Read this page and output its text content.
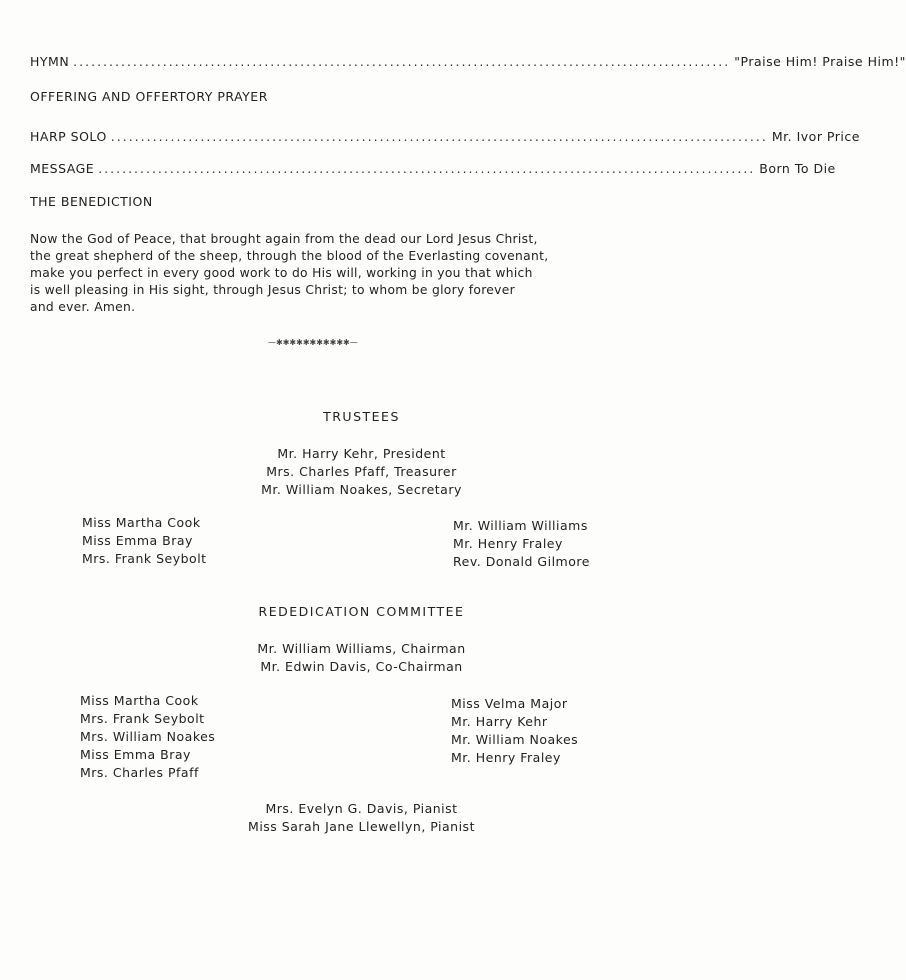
HYMN .............................................................................................................. "Praise Him! Praise Him!"
OFFERING AND OFFERTORY PRAYER
HARP SOLO .............................................................................................................. Mr. Ivor Price
MESSAGE .............................................................................................................. Born To Die
THE BENEDICTION
Now the God of Peace, that brought again from the dead our Lord Jesus Christ,
the great shepherd of the sheep, through the blood of the Everlasting covenant,
make you perfect in every good work to do His will, working in you that which
is well pleasing in His sight, through Jesus Christ; to whom be glory forever
and ever. Amen.
⁓✱✱✱✱✱✱✱✱✱✱✱⁓
TRUSTEES
Mr. Harry Kehr, President
Mrs. Charles Pfaff, Treasurer
Mr. William Noakes, Secretary
Miss Martha Cook
Miss Emma Bray
Mrs. Frank Seybolt
Mr. William Williams
Mr. Henry Fraley
Rev. Donald Gilmore
REDEDICATION COMMITTEE
Mr. William Williams, Chairman
Mr. Edwin Davis, Co-Chairman
Miss Martha Cook
Mrs. Frank Seybolt
Mrs. William Noakes
Miss Emma Bray
Mrs. Charles Pfaff
Miss Velma Major
Mr. Harry Kehr
Mr. William Noakes
Mr. Henry Fraley
Mrs. Evelyn G. Davis, Pianist
Miss Sarah Jane Llewellyn, Pianist
